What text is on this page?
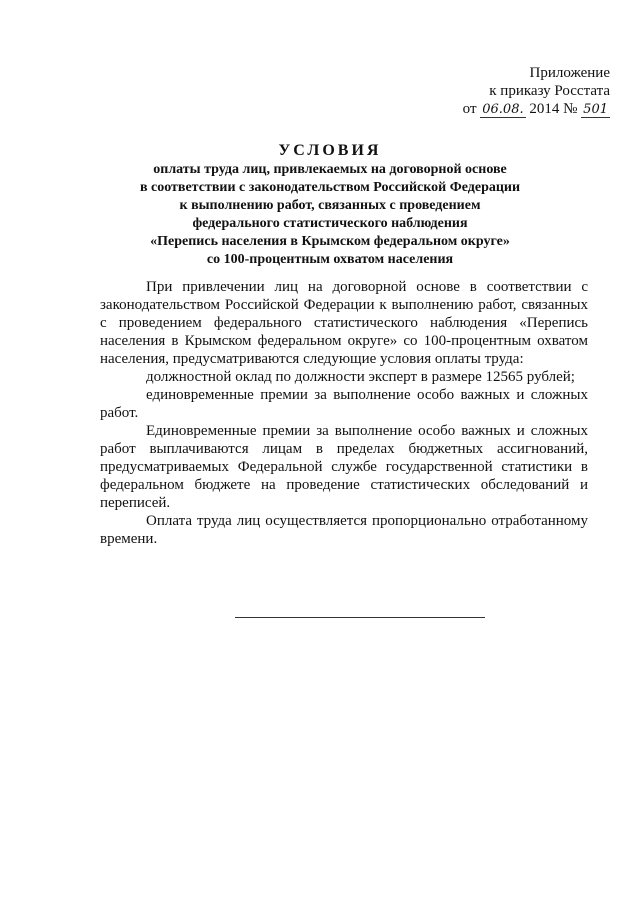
Приложение
к приказу Росстата
от 06.08. 2014 № 501
УСЛОВИЯ
оплаты труда лиц, привлекаемых на договорной основе
в соответствии с законодательством Российской Федерации
к выполнению работ, связанных с проведением
федерального статистического наблюдения
«Перепись населения в Крымском федеральном округе»
со 100-процентным охватом населения

При привлечении лиц на договорной основе в соответствии с законодательством Российской Федерации к выполнению работ, связанных с проведением федерального статистического наблюдения «Перепись населения в Крымском федеральном округе» со 100-процентным охватом населения, предусматриваются следующие условия оплаты труда:

должностной оклад по должности эксперт в размере 12565 рублей;

единовременные премии за выполнение особо важных и сложных работ.

Единовременные премии за выполнение особо важных и сложных работ выплачиваются лицам в пределах бюджетных ассигнований, предусматриваемых Федеральной службе государственной статистики в федеральном бюджете на проведение статистических обследований и переписей.

Оплата труда лиц осуществляется пропорционально отработанному времени.
